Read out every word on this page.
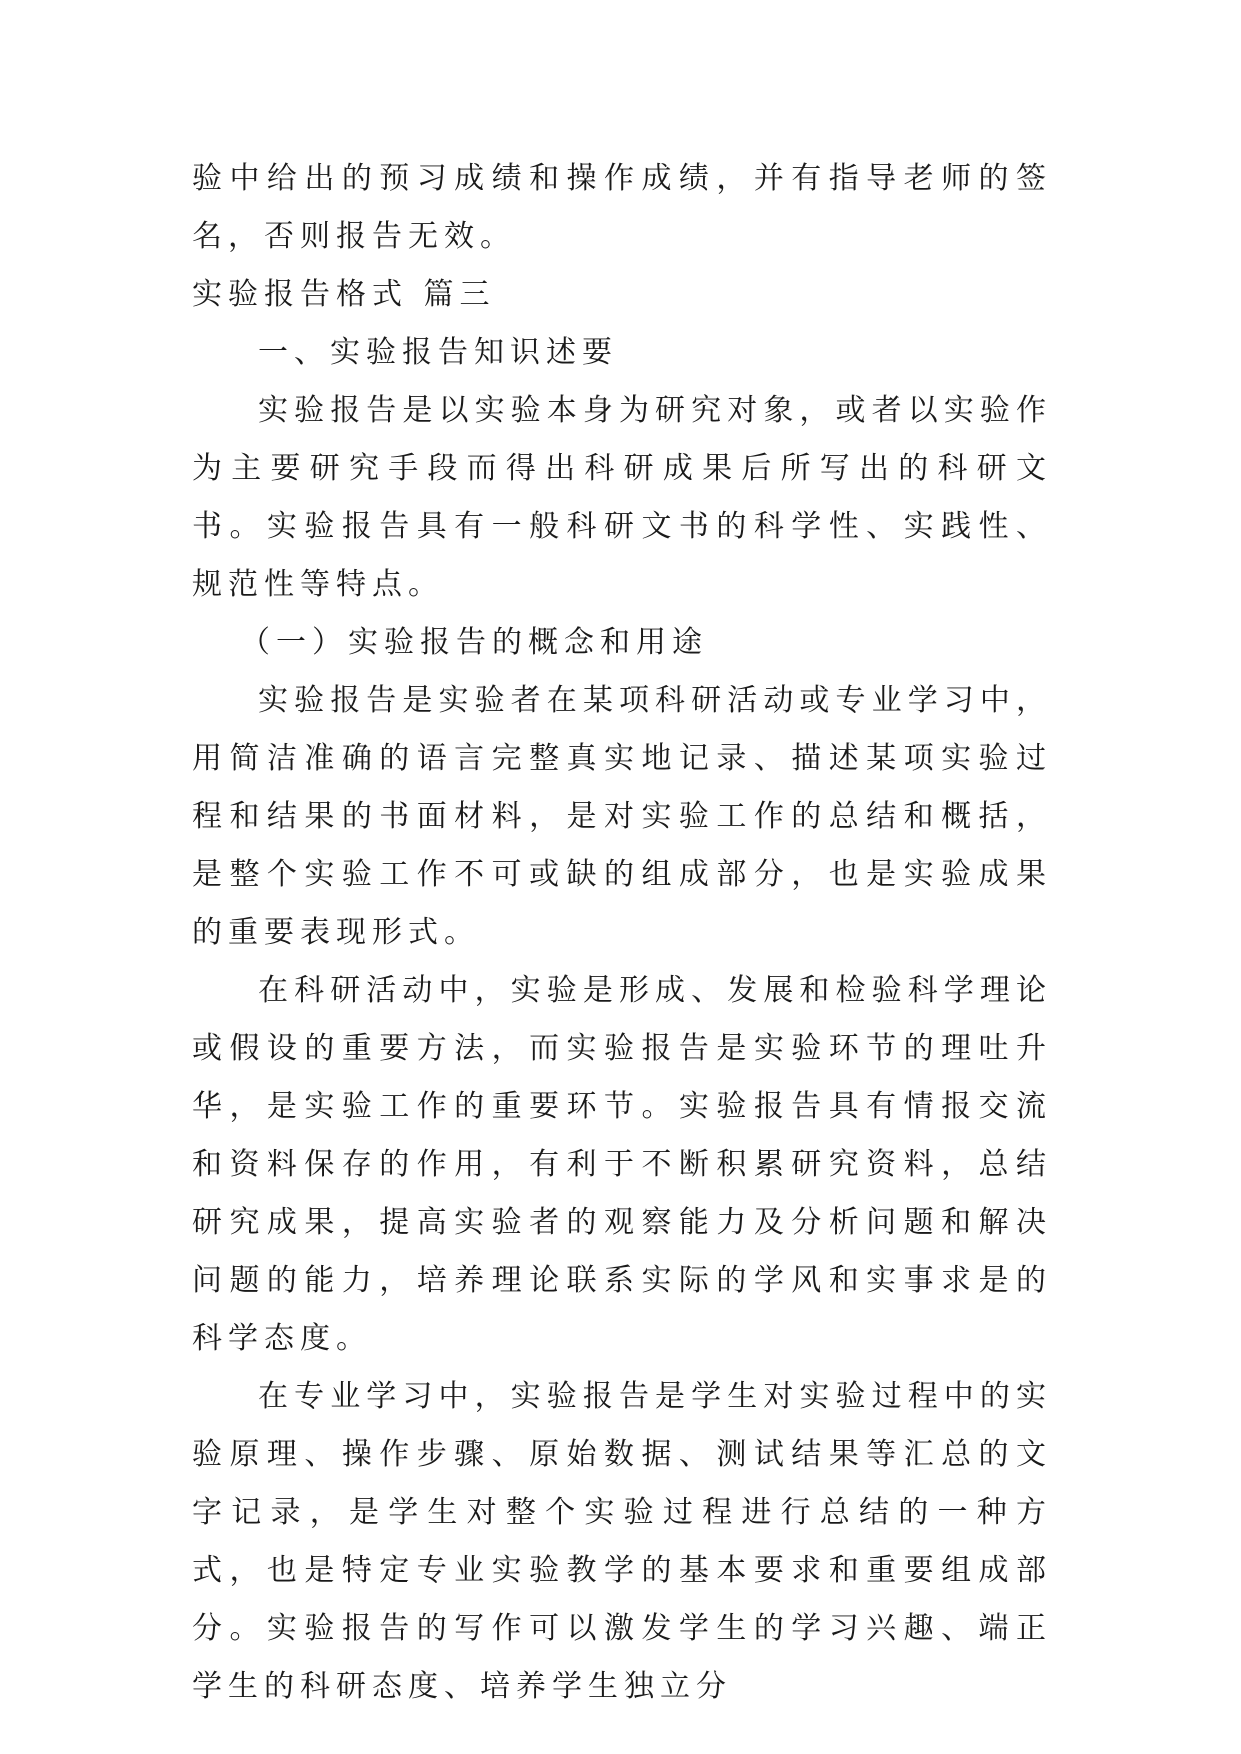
验中给出的预习成绩和操作成绩，并有指导老师的签名，否则报告无效。

实验报告格式 篇三
一、实验报告知识述要

实验报告是以实验本身为研究对象，或者以实验作为主要研究手段而得出科研成果后所写出的科研文书。实验报告具有一般科研文书的科学性、实践性、规范性等特点。

（一）实验报告的概念和用途

实验报告是实验者在某项科研活动或专业学习中，用简洁准确的语言完整真实地记录、描述某项实验过程和结果的书面材料，是对实验工作的总结和概括，是整个实验工作不可或缺的组成部分，也是实验成果的重要表现形式。

在科研活动中，实验是形成、发展和检验科学理论或假设的重要方法，而实验报告是实验环节的理吐升华，是实验工作的重要环节。实验报告具有情报交流和资料保存的作用，有利于不断积累研究资料，总结研究成果，提高实验者的观察能力及分析问题和解决问题的能力，培养理论联系实际的学风和实事求是的科学态度。

在专业学习中，实验报告是学生对实验过程中的实验原理、操作步骤、原始数据、测试结果等汇总的文字记录，是学生对整个实验过程进行总结的一种方式，也是特定专业实验教学的基本要求和重要组成部分。实验报告的写作可以激发学生的学习兴趣、端正学生的科研态度、培养学生独立分
